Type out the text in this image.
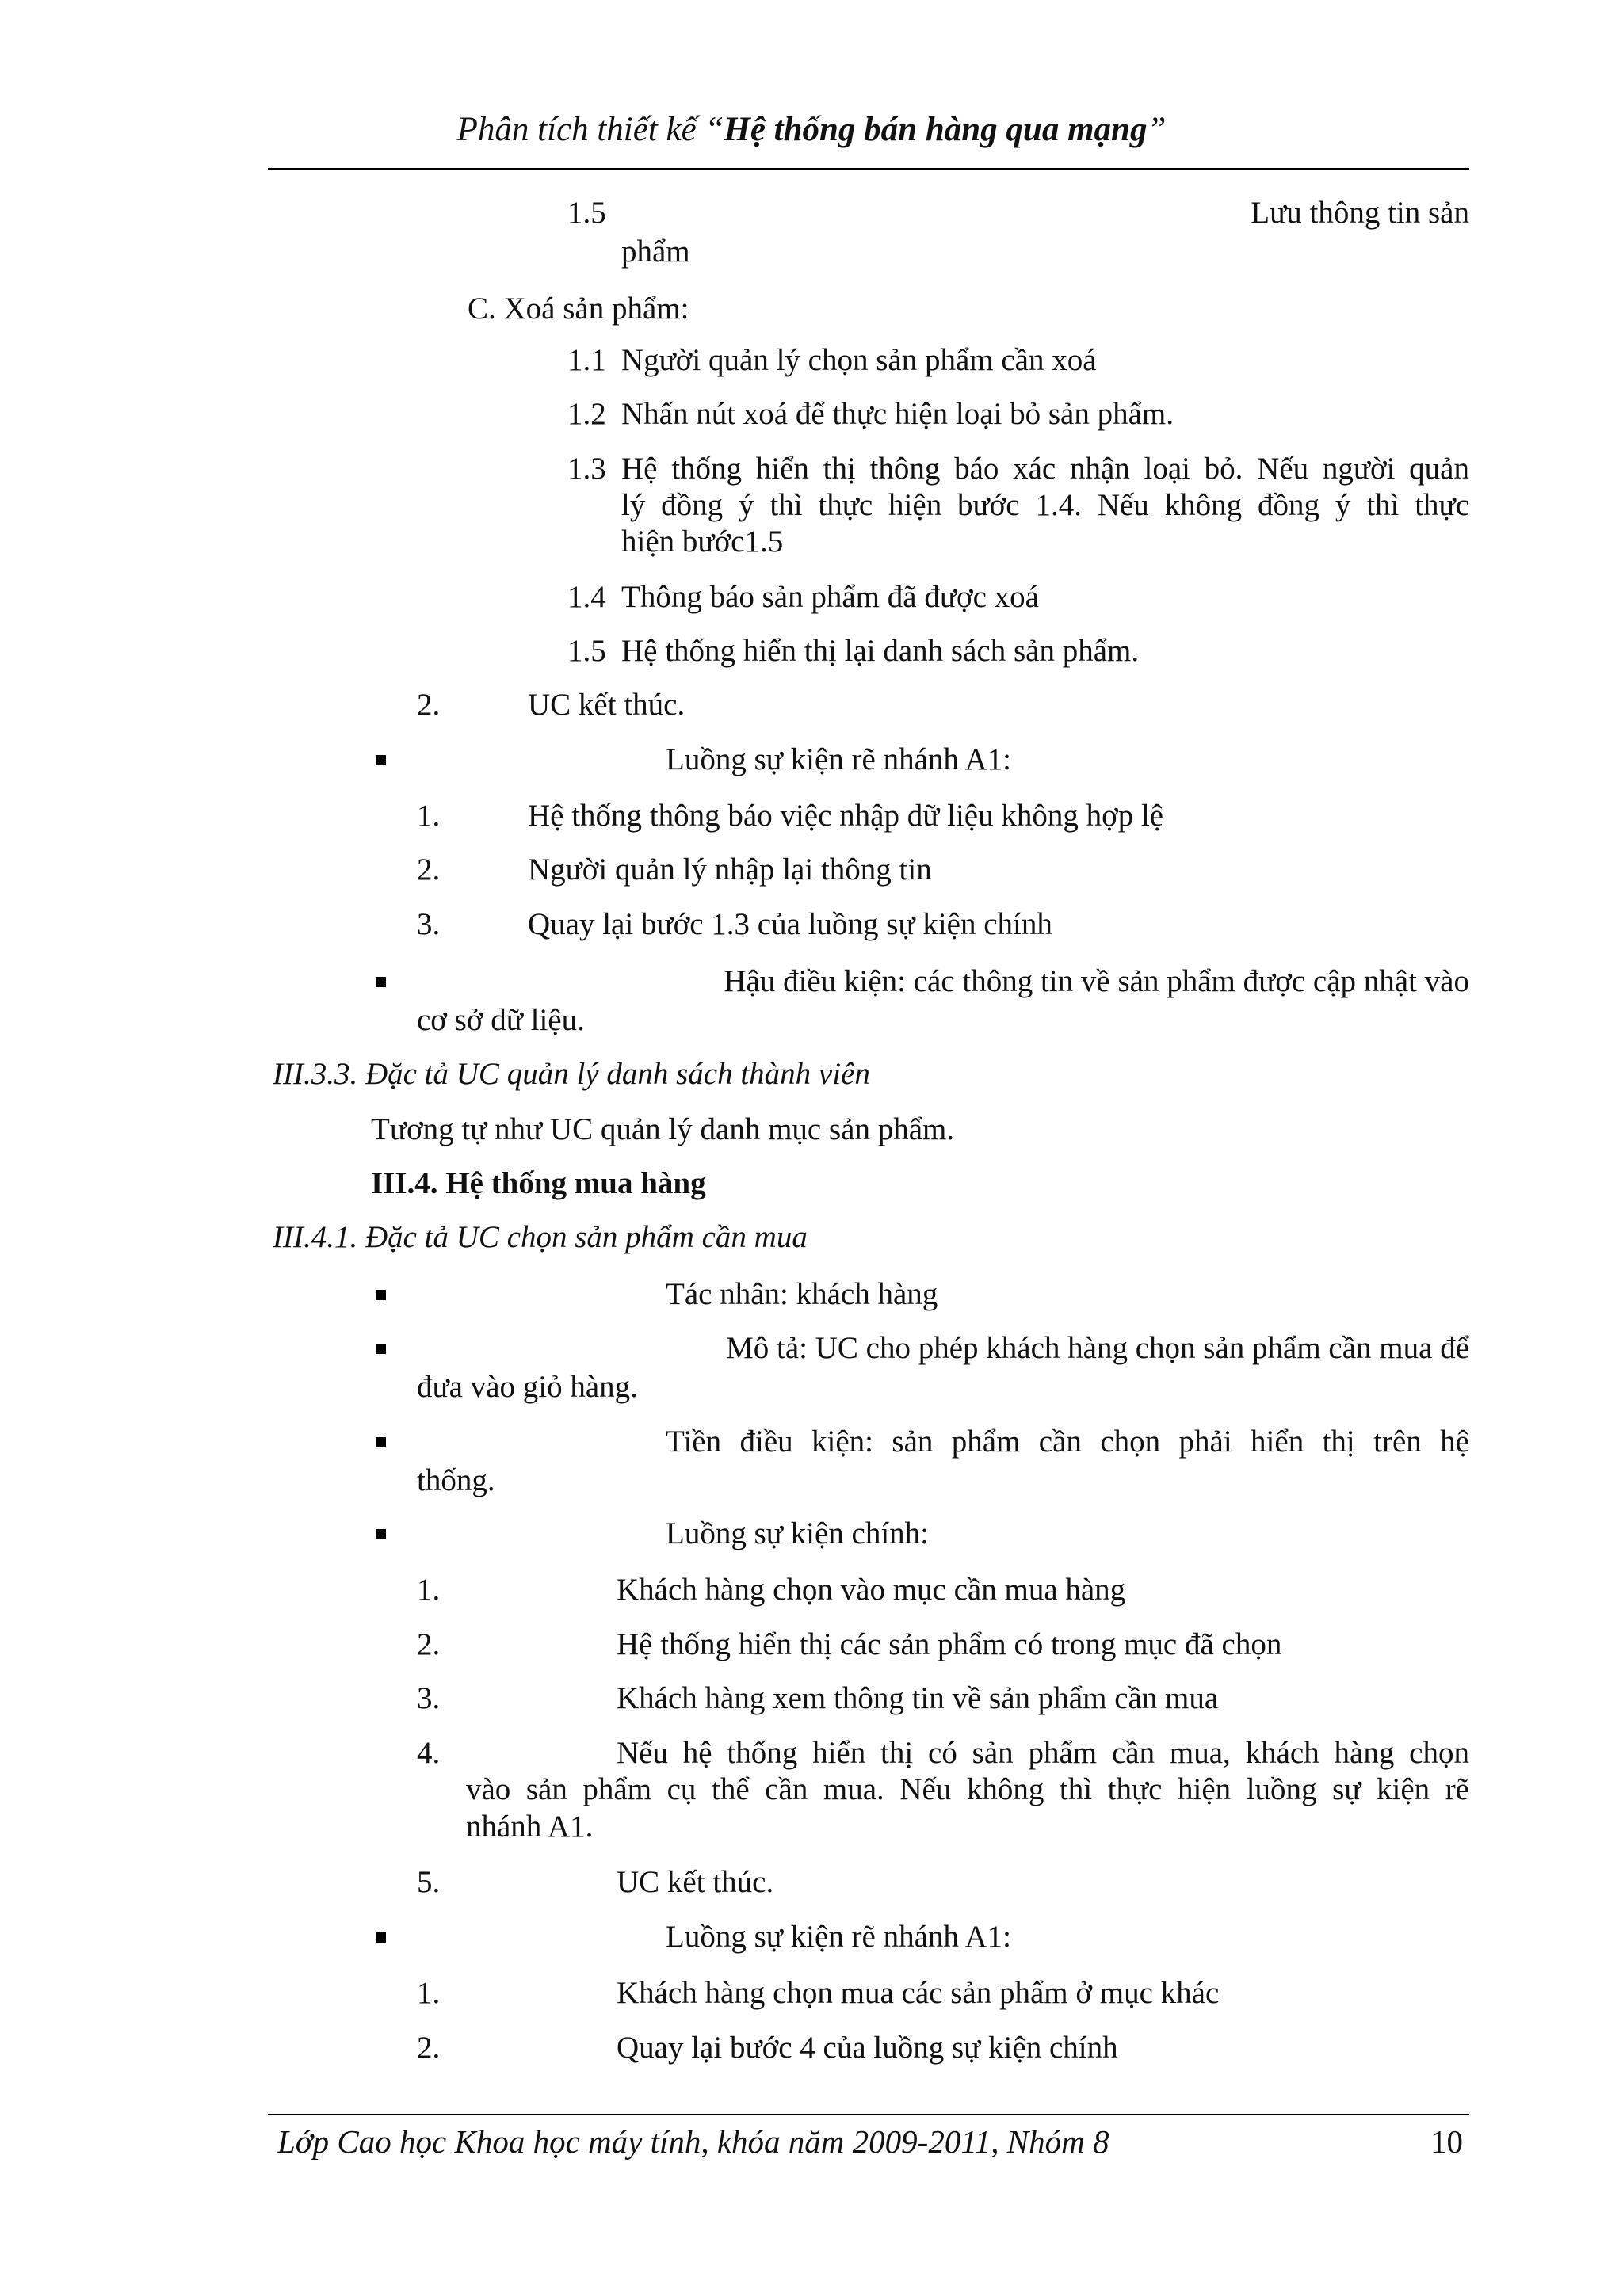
Phân tích thiết kế “Hệ thống bán hàng qua mạng”
1.5	Lưu thông tin sản
phẩm
C. Xoá sản phẩm:
1.1 Người quản lý chọn sản phẩm cần xoá
1.2 Nhấn nút xoá để thực hiện loại bỏ sản phẩm.
1.3 Hệ thống hiển thị thông báo xác nhận loại bỏ. Nếu người quản
lý đồng ý thì thực hiện bước 1.4. Nếu không đồng ý thì thực
hiện bước1.5
1.4 Thông báo sản phẩm đã được xoá
1.5 Hệ thống hiển thị lại danh sách sản phẩm.
2.	UC kết thúc.
Luồng sự kiện rẽ nhánh A1:
1.	Hệ thống thông báo việc nhập dữ liệu không hợp lệ
2.	Người quản lý nhập lại thông tin
3.	Quay lại bước 1.3 của luồng sự kiện chính
Hậu điều kiện: các thông tin về sản phẩm được cập nhật vào
cơ sở dữ liệu.
III.3.3. Đặc tả UC quản lý danh sách thành viên
Tương tự như UC quản lý danh mục sản phẩm.
III.4. Hệ thống mua hàng
III.4.1. Đặc tả UC chọn sản phẩm cần mua
Tác nhân: khách hàng
Mô tả: UC cho phép khách hàng chọn sản phẩm cần mua để
đưa vào giỏ hàng.
Tiền điều kiện: sản phẩm cần chọn phải hiển thị trên hệ
thống.
Luồng sự kiện chính:
1.	Khách hàng chọn vào mục cần mua hàng
2.	Hệ thống hiển thị các sản phẩm có trong mục đã chọn
3.	Khách hàng xem thông tin về sản phẩm cần mua
4.	Nếu hệ thống hiển thị có sản phẩm cần mua, khách hàng chọn
vào sản phẩm cụ thể cần mua. Nếu không thì thực hiện luồng sự kiện rẽ
nhánh A1.
5.	UC kết thúc.
Luồng sự kiện rẽ nhánh A1:
1.	Khách hàng chọn mua các sản phẩm ở mục khác
2.	Quay lại bước 4 của luồng sự kiện chính
Lớp Cao học Khoa học máy tính, khóa năm 2009-2011, Nhóm 8	10
